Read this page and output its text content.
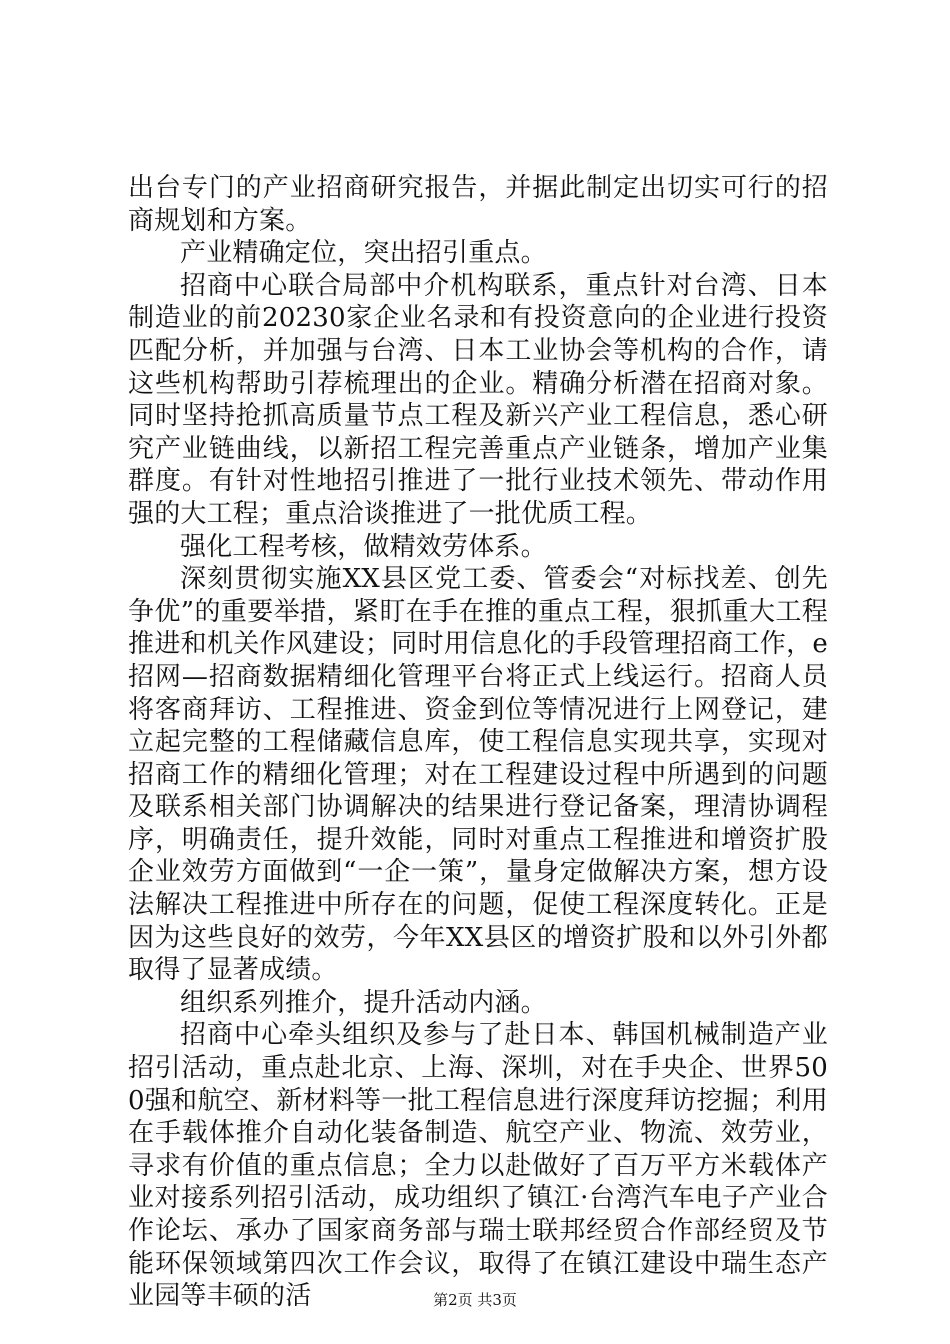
出台专门的产业招商研究报告，并据此制定出切实可行的招商规划和方案。

产业精确定位，突出招引重点。

招商中心联合局部中介机构联系，重点针对台湾、日本制造业的前20230家企业名录和有投资意向的企业进行投资匹配分析，并加强与台湾、日本工业协会等机构的合作，请这些机构帮助引荐梳理出的企业。精确分析潜在招商对象。同时坚持抢抓高质量节点工程及新兴产业工程信息，悉心研究产业链曲线，以新招工程完善重点产业链条，增加产业集群度。有针对性地招引推进了一批行业技术领先、带动作用强的大工程；重点洽谈推进了一批优质工程。

强化工程考核，做精效劳体系。

深刻贯彻实施XX县区党工委、管委会“对标找差、创先争优”的重要举措，紧盯在手在推的重点工程，狠抓重大工程推进和机关作风建设；同时用信息化的手段管理招商工作，e招网—招商数据精细化管理平台将正式上线运行。招商人员将客商拜访、工程推进、资金到位等情况进行上网登记，建立起完整的工程储藏信息库，使工程信息实现共享，实现对招商工作的精细化管理；对在工程建设过程中所遇到的问题及联系相关部门协调解决的结果进行登记备案，理清协调程序，明确责任，提升效能，同时对重点工程推进和增资扩股企业效劳方面做到“一企一策”，量身定做解决方案，想方设法解决工程推进中所存在的问题，促使工程深度转化。正是因为这些良好的效劳，今年XX县区的增资扩股和以外引外都取得了显著成绩。

组织系列推介，提升活动内涵。

招商中心牵头组织及参与了赴日本、韩国机械制造产业招引活动，重点赴北京、上海、深圳，对在手央企、世界500强和航空、新材料等一批工程信息进行深度拜访挖掘；利用在手载体推介自动化装备制造、航空产业、物流、效劳业，寻求有价值的重点信息；全力以赴做好了百万平方米载体产业对接系列招引活动，成功组织了镇江·台湾汽车电子产业合作论坛、承办了国家商务部与瑞士联邦经贸合作部经贸及节能环保领域第四次工作会议，取得了在镇江建设中瑞生态产业园等丰硕的活	第2页 共3页
